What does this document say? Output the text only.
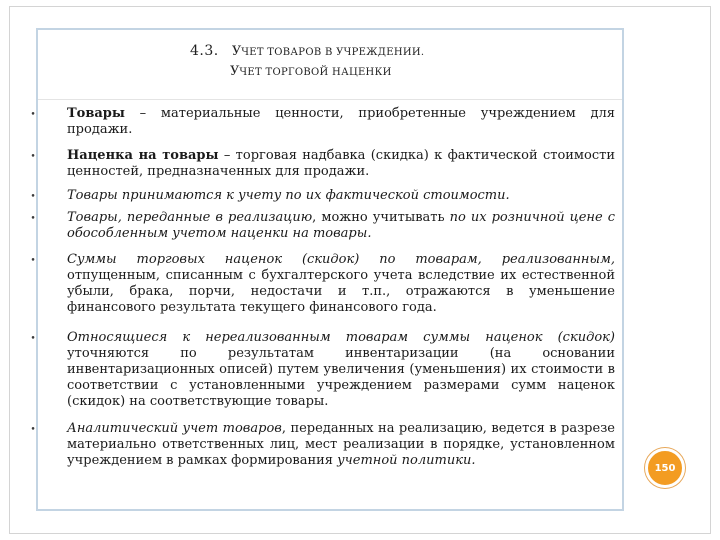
4.3. УЧЕТ ТОВАРОВ В УЧРЕЖДЕНИИ.
УЧЕТ ТОРГОВОЙ НАЦЕНКИ
• Товары – материальные ценности, приобретенные учреждением для продажи.
• Наценка на товары – торговая надбавка (скидка) к фактической стоимости ценностей, предназначенных для продажи.
• Товары принимаются к учету по их фактической стоимости.
• Товары, переданные в реализацию, можно учитывать по их розничной цене с обособленным учетом наценки на товары.
• Суммы торговых наценок (скидок) по товарам, реализованным, отпущенным, списанным с бухгалтерского учета вследствие их естественной убыли, брака, порчи, недостачи и т.п., отражаются в уменьшение финансового результата текущего финансового года.
• Относящиеся к нереализованным товарам суммы наценок (скидок) уточняются по результатам инвентаризации (на основании инвентаризационных описей) путем увеличения (уменьшения) их стоимости в соответствии с установленными учреждением размерами сумм наценок (скидок) на соответствующие товары.
• Аналитический учет товаров, переданных на реализацию, ведется в разрезе материально ответственных лиц, мест реализации в порядке, установленном учреждением в рамках формирования учетной политики.	150
